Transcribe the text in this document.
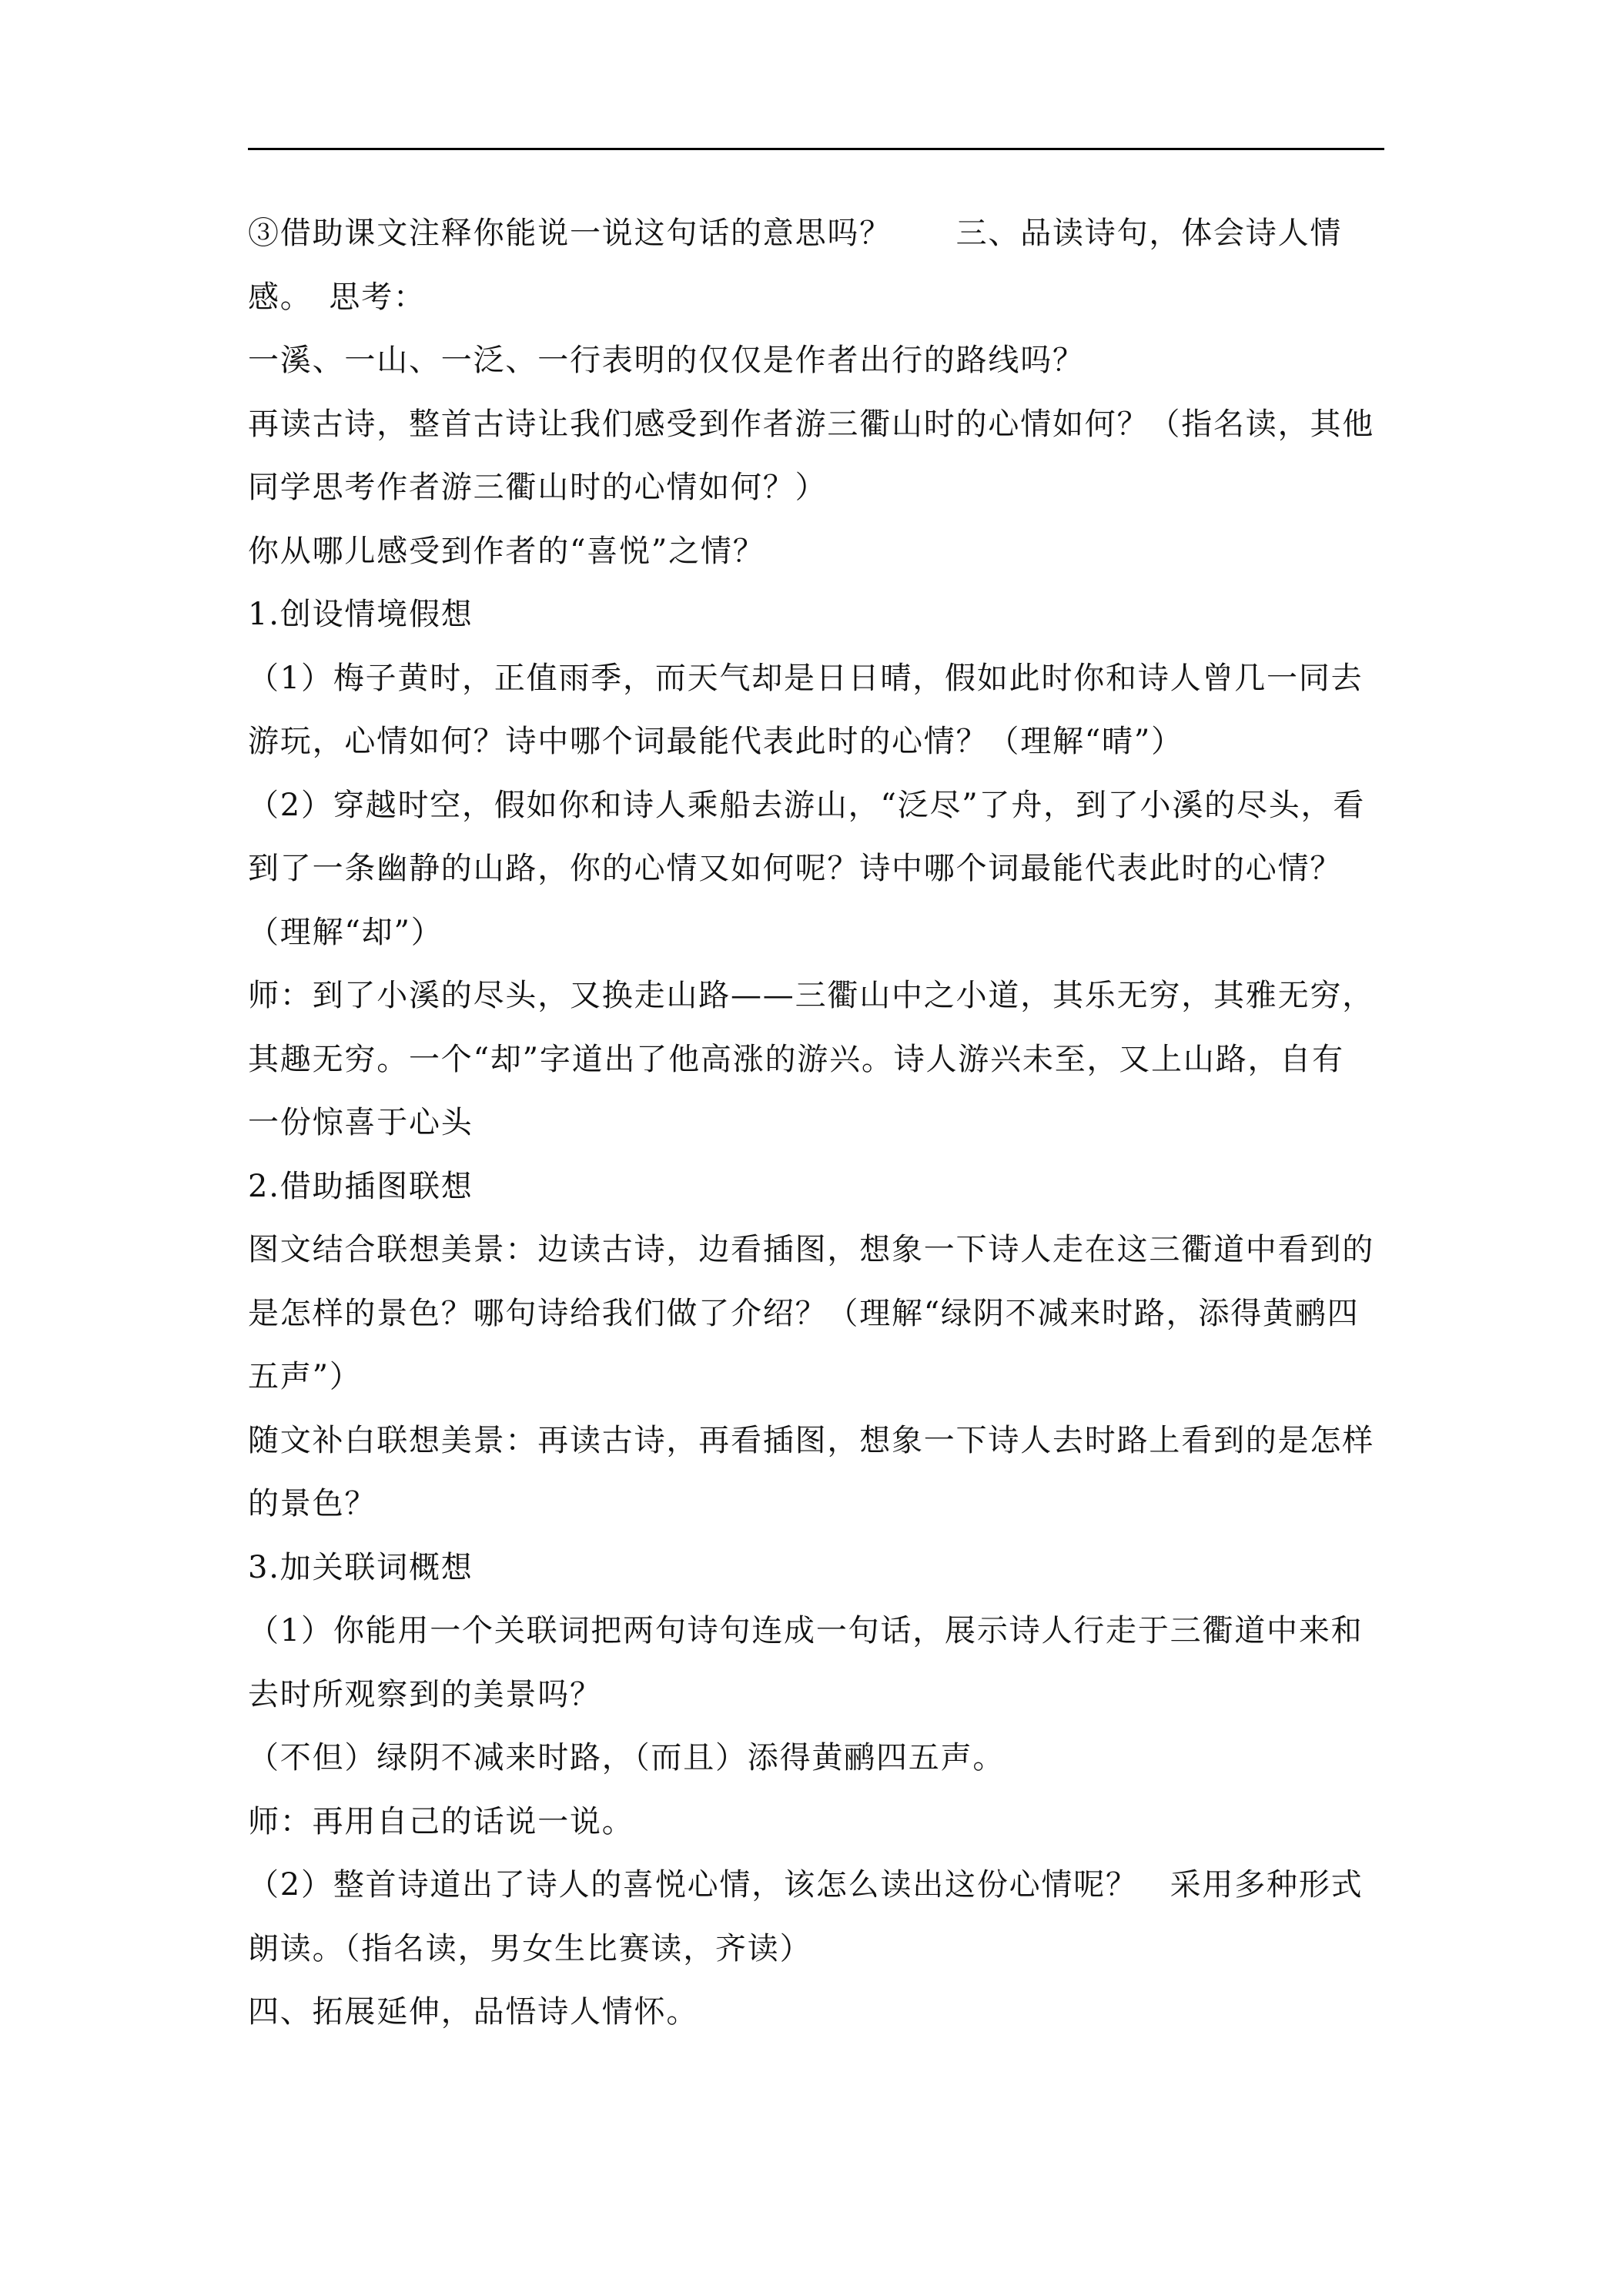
③借助课文注释你能说一说这句话的意思吗？　　三、品读诗句，体会诗人情
感。　思考：
一溪、一山、一泛、一行表明的仅仅是作者出行的路线吗？
再读古诗，整首古诗让我们感受到作者游三衢山时的心情如何？（指名读，其他
同学思考作者游三衢山时的心情如何？）
你从哪儿感受到作者的“喜悦”之情？
1.创设情境假想
（1）梅子黄时，正值雨季，而天气却是日日晴，假如此时你和诗人曾几一同去
游玩，心情如何？诗中哪个词最能代表此时的心情？（理解“晴”）
（2）穿越时空，假如你和诗人乘船去游山，“泛尽”了舟，到了小溪的尽头，看
到了一条幽静的山路，你的心情又如何呢？诗中哪个词最能代表此时的心情？
（理解“却”）
师：到了小溪的尽头，又换走山路——三衢山中之小道，其乐无穷，其雅无穷，
其趣无穷。一个“却”字道出了他高涨的游兴。诗人游兴未至，又上山路，自有
一份惊喜于心头
2.借助插图联想
图文结合联想美景：边读古诗，边看插图，想象一下诗人走在这三衢道中看到的
是怎样的景色？哪句诗给我们做了介绍？（理解“绿阴不减来时路，添得黄鹂四
五声”）
随文补白联想美景：再读古诗，再看插图，想象一下诗人去时路上看到的是怎样
的景色？
3.加关联词概想
（1）你能用一个关联词把两句诗句连成一句话，展示诗人行走于三衢道中来和
去时所观察到的美景吗？
（不但）绿阴不减来时路，（而且）添得黄鹂四五声。
师：再用自己的话说一说。
（2）整首诗道出了诗人的喜悦心情，该怎么读出这份心情呢？　采用多种形式
朗读。（指名读，男女生比赛读，齐读）
四、拓展延伸，品悟诗人情怀。
